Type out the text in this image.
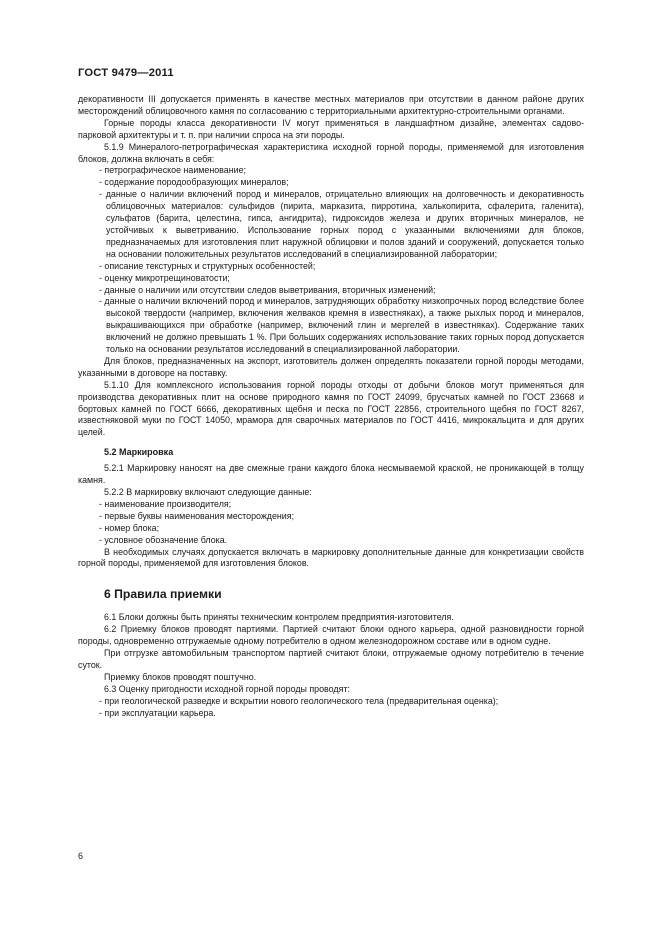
ГОСТ 9479—2011

декоративности III допускается применять в качестве местных материалов при отсутствии в данном районе других месторождений облицовочного камня по согласованию с территориальными архитектурно-строительными органами.

Горные породы класса декоративности IV могут применяться в ландшафтном дизайне, элементах садово-парковой архитектуры и т. п. при наличии спроса на эти породы.

5.1.9 Минералого-петрографическая характеристика исходной горной породы, применяемой для изготовления блоков, должна включать в себя:

- петрографическое наименование;

- содержание породообразующих минералов;

- данные о наличии включений пород и минералов, отрицательно влияющих на долговечность и декоративность облицовочных материалов: сульфидов (пирита, марказита, пирротина, халькопирита, сфалерита, галенита), сульфатов (барита, целестина, гипса, ангидрита), гидроксидов железа и других вторичных минералов, не устойчивых к выветриванию. Использование горных пород с указанными включениями для блоков, предназначаемых для изготовления плит наружной облицовки и полов зданий и сооружений, допускается только на основании положительных результатов исследований в специализированной лаборатории;

- описание текстурных и структурных особенностей;

- оценку микротрещиноватости;

- данные о наличии или отсутствии следов выветривания, вторичных изменений;

- данные о наличии включений пород и минералов, затрудняющих обработку низкопрочных пород вследствие более высокой твердости (например, включения желваков кремня в известняках), а также рыхлых пород и минералов, выкрашивающихся при обработке (например, включений глин и мергелей в известняках). Содержание таких включений не должно превышать 1 %. При больших содержаниях использование таких горных пород допускается только на основании результатов исследований в специализированной лаборатории.

Для блоков, предназначенных на экспорт, изготовитель должен определять показатели горной породы методами, указанными в договоре на поставку.

5.1.10 Для комплексного использования горной породы отходы от добычи блоков могут применяться для производства декоративных плит на основе природного камня по ГОСТ 24099, брусчатых камней по ГОСТ 23668 и бортовых камней по ГОСТ 6666, декоративных щебня и песка по ГОСТ 22856, строительного щебня по ГОСТ 8267, известняковой муки по ГОСТ 14050, мрамора для сварочных материалов по ГОСТ 4416, микрокальцита и для других целей.

5.2 Маркировка

5.2.1 Маркировку наносят на две смежные грани каждого блока несмываемой краской, не проникающей в толщу камня.

5.2.2 В маркировку включают следующие данные:

- наименование производителя;

- первые буквы наименования месторождения;

- номер блока;

- условное обозначение блока.

В необходимых случаях допускается включать в маркировку дополнительные данные для конкретизации свойств горной породы, применяемой для изготовления блоков.

6 Правила приемки

6.1 Блоки должны быть приняты техническим контролем предприятия-изготовителя.

6.2 Приемку блоков проводят партиями. Партией считают блоки одного карьера, одной разновидности горной породы, одновременно отгружаемые одному потребителю в одном железнодорожном составе или в одном судне.

При отгрузке автомобильным транспортом партией считают блоки, отгружаемые одному потребителю в течение суток.

Приемку блоков проводят поштучно.

6.3 Оценку пригодности исходной горной породы проводят:

- при геологической разведке и вскрытии нового геологического тела (предварительная оценка);

- при эксплуатации карьера.

6
